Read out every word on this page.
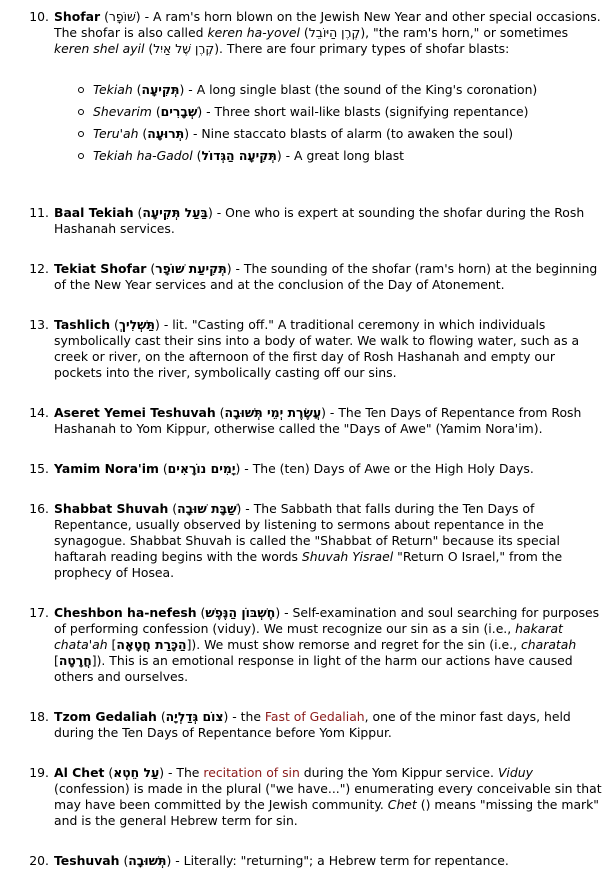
10. Shofar (שׁוֹפָר) - A ram's horn blown on the Jewish New Year and other special occasions. The shofar is also called keren ha-yovel (קֶרֶן הַיּוֹבֵל), "the ram's horn," or sometimes keren shel ayil (קֶרֶן שֶׁל אַיִל). There are four primary types of shofar blasts:
Tekiah (תְּקִיעָה) - A long single blast (the sound of the King's coronation)
Shevarim (שְׁבָרִים) - Three short wail-like blasts (signifying repentance)
Teru'ah (תְּרוּעָה) - Nine staccato blasts of alarm (to awaken the soul)
Tekiah ha-Gadol (תְּקִיעָה הַגְּדוֹל) - A great long blast
11. Baal Tekiah (בַּעַל תְּקִיעָה) - One who is expert at sounding the shofar during the Rosh Hashanah services.
12. Tekiat Shofar (תְּקִיעַת שׁוֹפָר) - The sounding of the shofar (ram's horn) at the beginning of the New Year services and at the conclusion of the Day of Atonement.
13. Tashlich (תַּשְׁלִיךְ) - lit. "Casting off." A traditional ceremony in which individuals symbolically cast their sins into a body of water. We walk to flowing water, such as a creek or river, on the afternoon of the first day of Rosh Hashanah and empty our pockets into the river, symbolically casting off our sins.
14. Aseret Yemei Teshuvah (עֲשֶׂרֶת יְמֵי תְּשׁוּבָה) - The Ten Days of Repentance from Rosh Hashanah to Yom Kippur, otherwise called the "Days of Awe" (Yamim Nora'im).
15. Yamim Nora'im (יָמִים נוֹרָאִים) - The (ten) Days of Awe or the High Holy Days.
16. Shabbat Shuvah (שַׁבָּת שׁוּבָה) - The Sabbath that falls during the Ten Days of Repentance, usually observed by listening to sermons about repentance in the synagogue. Shabbat Shuvah is called the "Shabbat of Return" because its special haftarah reading begins with the words Shuvah Yisrael "Return O Israel," from the prophecy of Hosea.
17. Cheshbon ha-nefesh (חֶשְׁבּוֹן הַנֶּפֶשׁ) - Self-examination and soul searching for purposes of performing confession (viduy). We must recognize our sin as a sin (i.e., hakarat chata'ah [הַכָּרַת חֲטָאָה]). We must show remorse and regret for the sin (i.e., charatah [חֲרָטָה]). This is an emotional response in light of the harm our actions have caused others and ourselves.
18. Tzom Gedaliah (צוֹם גְּדַלְיָה) - the Fast of Gedaliah, one of the minor fast days, held during the Ten Days of Repentance before Yom Kippur.
19. Al Chet (עַל חֵטְא) - The recitation of sin during the Yom Kippur service. Viduy (confession) is made in the plural ("we have...") enumerating every conceivable sin that may have been committed by the Jewish community. Chet () means "missing the mark" and is the general Hebrew term for sin.
20. Teshuvah (תְּשׁוּבָה) - Literally: "returning"; a Hebrew term for repentance.
